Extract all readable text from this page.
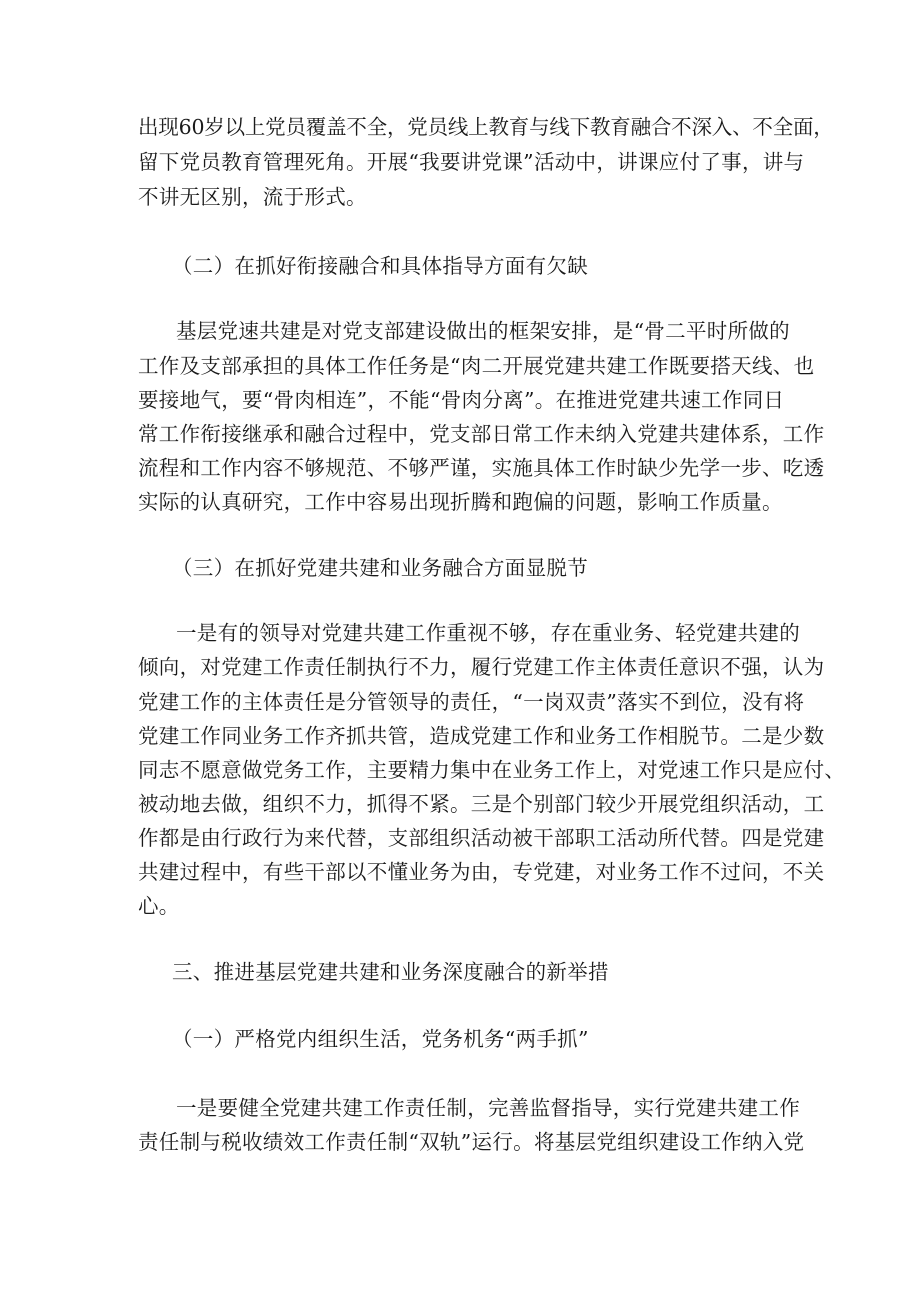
出现60岁以上党员覆盖不全，党员线上教育与线下教育融合不深入、不全面，
留下党员教育管理死角。开展“我要讲党课”活动中，讲课应付了事，讲与
不讲无区别，流于形式。
（二）在抓好衔接融合和具体指导方面有欠缺
基层党速共建是对党支部建设做出的框架安排，是“骨二平时所做的
工作及支部承担的具体工作任务是“肉二开展党建共建工作既要搭天线、也
要接地气，要“骨肉相连”，不能“骨肉分离”。在推进党建共速工作同日
常工作衔接继承和融合过程中，党支部日常工作未纳入党建共建体系，工作
流程和工作内容不够规范、不够严谨，实施具体工作时缺少先学一步、吃透
实际的认真研究，工作中容易出现折腾和跑偏的问题，影响工作质量。
（三）在抓好党建共建和业务融合方面显脱节
一是有的领导对党建共建工作重视不够，存在重业务、轻党建共建的
倾向，对党建工作责任制执行不力，履行党建工作主体责任意识不强，认为
党建工作的主体责任是分管领导的责任，“一岗双责”落实不到位，没有将
党建工作同业务工作齐抓共管，造成党建工作和业务工作相脱节。二是少数
同志不愿意做党务工作，主要精力集中在业务工作上，对党速工作只是应付、
被动地去做，组织不力，抓得不紧。三是个别部门较少开展党组织活动，工
作都是由行政行为来代替，支部组织活动被干部职工活动所代替。四是党建
共建过程中，有些干部以不懂业务为由，专党建，对业务工作不过问，不关
心。
三、推进基层党建共建和业务深度融合的新举措
（一）严格党内组织生活，党务机务“两手抓”
一是要健全党建共建工作责任制，完善监督指导，实行党建共建工作
责任制与税收绩效工作责任制“双轨”运行。将基层党组织建设工作纳入党
